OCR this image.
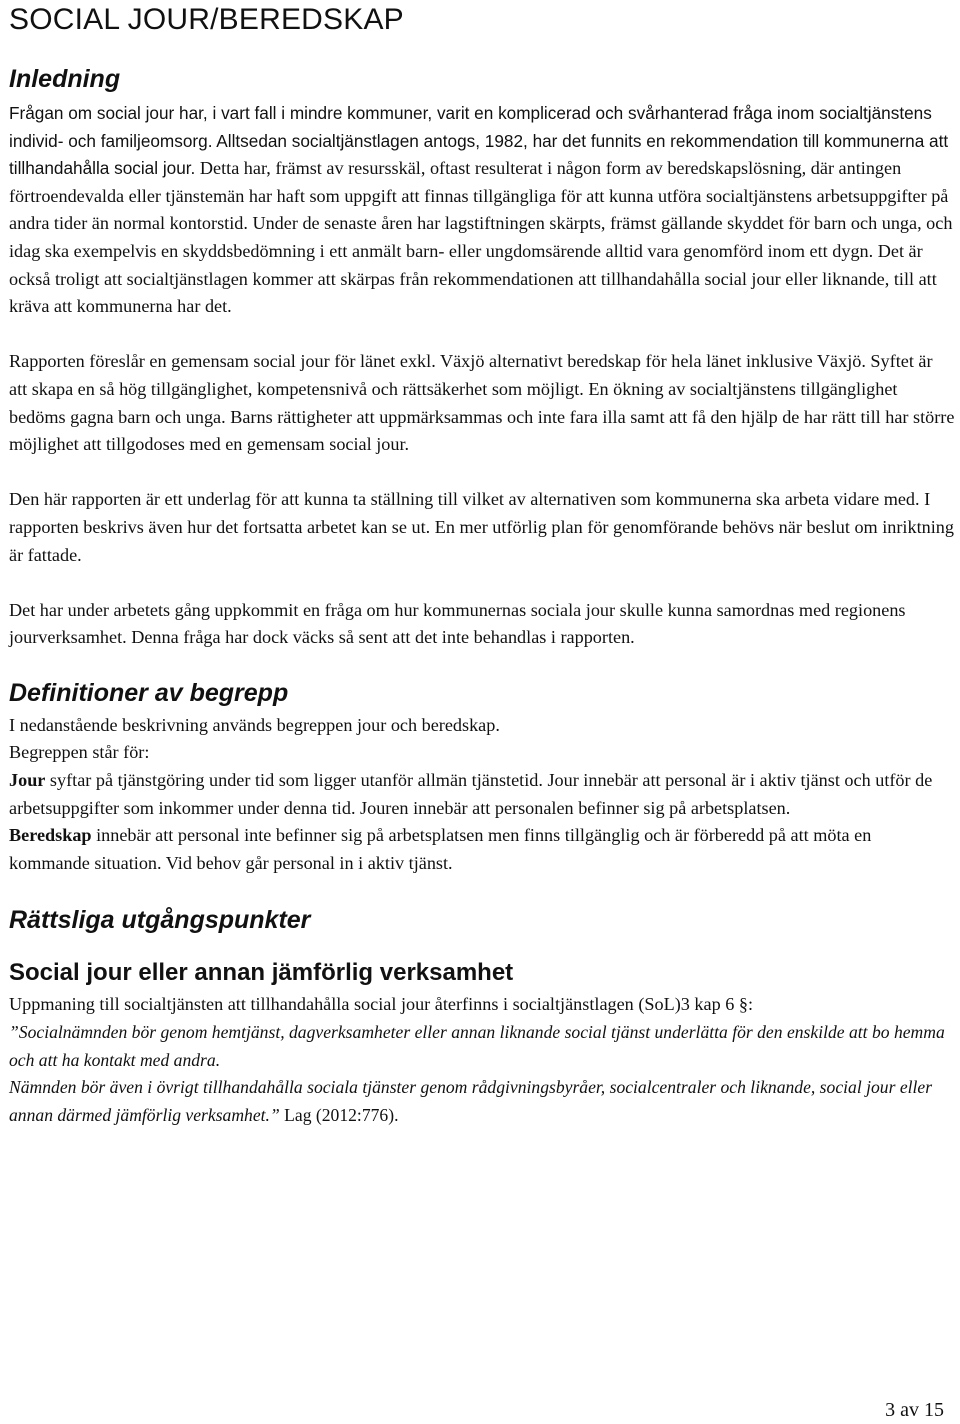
SOCIAL JOUR/BEREDSKAP
Inledning

Frågan om social jour har, i vart fall i mindre kommuner, varit en komplicerad och svårhanterad fråga inom socialtjänstens individ- och familjeomsorg. Alltsedan socialtjänstlagen antogs, 1982, har det funnits en rekommendation till kommunerna att tillhandahålla social jour. Detta har, främst av resursskäl, oftast resulterat i någon form av beredskapslösning, där antingen förtroendevalda eller tjänstemän har haft som uppgift att finnas tillgängliga för att kunna utföra socialtjänstens arbetsuppgifter på andra tider än normal kontorstid. Under de senaste åren har lagstiftningen skärpts, främst gällande skyddet för barn och unga, och idag ska exempelvis en skyddsbedömning i ett anmält barn- eller ungdomsärende alltid vara genomförd inom ett dygn. Det är också troligt att socialtjänstlagen kommer att skärpas från rekommendationen att tillhandahålla social jour eller liknande, till att kräva att kommunerna har det.

Rapporten föreslår en gemensam social jour för länet exkl. Växjö alternativt beredskap för hela länet inklusive Växjö. Syftet är att skapa en så hög tillgänglighet, kompetensnivå och rättsäkerhet som möjligt. En ökning av socialtjänstens tillgänglighet bedöms gagna barn och unga. Barns rättigheter att uppmärksammas och inte fara illa samt att få den hjälp de har rätt till har större möjlighet att tillgodoses med en gemensam social jour.

Den här rapporten är ett underlag för att kunna ta ställning till vilket av alternativen som kommunerna ska arbeta vidare med. I rapporten beskrivs även hur det fortsatta arbetet kan se ut. En mer utförlig plan för genomförande behövs när beslut om inriktning är fattade.

Det har under arbetets gång uppkommit en fråga om hur kommunernas sociala jour skulle kunna samordnas med regionens jourverksamhet. Denna fråga har dock väcks så sent att det inte behandlas i rapporten.

Definitioner av begrepp

I nedanstående beskrivning används begreppen jour och beredskap.

Begreppen står för:

Jour syftar på tjänstgöring under tid som ligger utanför allmän tjänstetid. Jour innebär att personal är i aktiv tjänst och utför de arbetsuppgifter som inkommer under denna tid. Jouren innebär att personalen befinner sig på arbetsplatsen.

Beredskap innebär att personal inte befinner sig på arbetsplatsen men finns tillgänglig och är förberedd på att möta en kommande situation. Vid behov går personal in i aktiv tjänst.

Rättsliga utgångspunkter
Social jour eller annan jämförlig verksamhet

Uppmaning till socialtjänsten att tillhandahålla social jour återfinns i socialtjänstlagen (SoL)3 kap 6 §:

”Socialnämnden bör genom hemtjänst, dagverksamheter eller annan liknande social tjänst underlätta för den enskilde att bo hemma och att ha kontakt med andra.

Nämnden bör även i övrigt tillhandahålla sociala tjänster genom rådgivningsbyråer, socialcentraler och liknande, social jour eller annan därmed jämförlig verksamhet.” Lag (2012:776).

3 av 15
